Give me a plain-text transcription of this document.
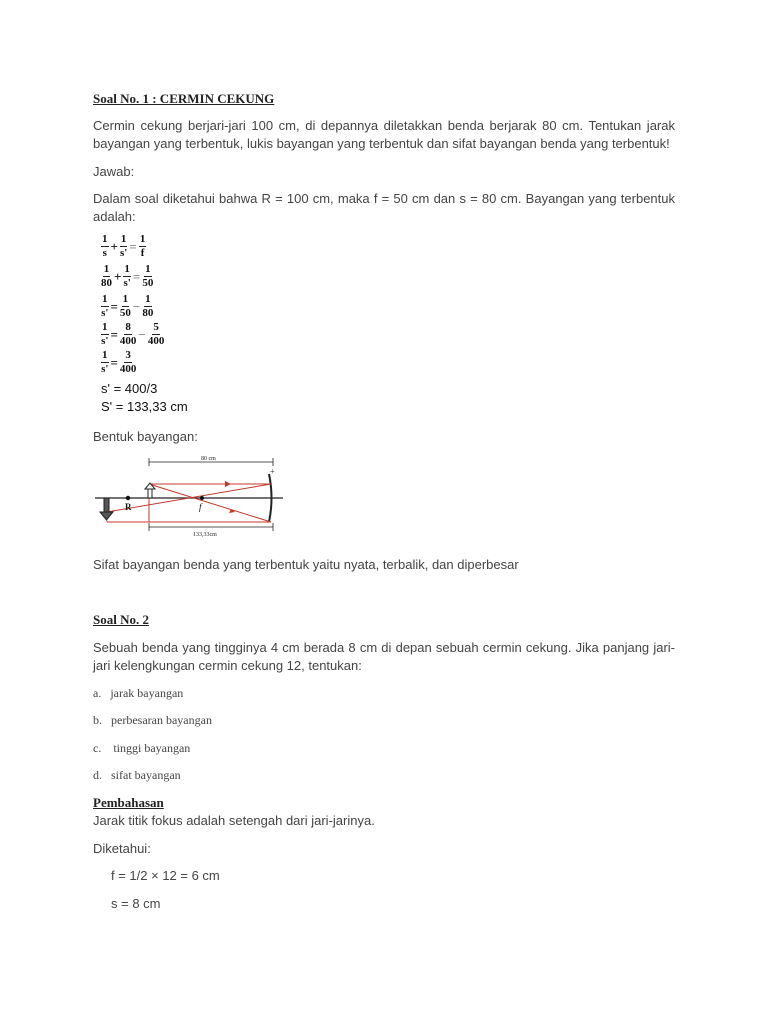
Soal No. 1 : CERMIN CEKUNG
Cermin cekung berjari-jari 100 cm, di depannya diletakkan benda berjarak 80 cm. Tentukan jarak bayangan yang terbentuk, lukis bayangan yang terbentuk dan sifat bayangan benda yang terbentuk!
Jawab:
Dalam soal diketahui bahwa R = 100 cm, maka f = 50 cm dan s = 80 cm. Bayangan yang terbentuk adalah:
$\frac{1}{s} + \frac{1}{s'} = \frac{1}{f}$
$\frac{1}{80} + \frac{1}{s'} = \frac{1}{50}$
$\frac{1}{s'} = \frac{1}{50} - \frac{1}{80}$
$\frac{1}{s'} = \frac{8}{400} - \frac{5}{400}$
$\frac{1}{s'} = \frac{3}{400}$
s' = 400/3
S' = 133,33 cm
Bentuk bayangan:
80 cm
+
133,33cm
R	f
Sifat bayangan benda yang terbentuk yaitu nyata, terbalik, dan diperbesar
Soal No. 2
Sebuah benda yang tingginya 4 cm berada 8 cm di depan sebuah cermin cekung. Jika panjang jari-jari kelengkungan cermin cekung 12, tentukan:
a. jarak bayangan
b. perbesaran bayangan
c.    tinggi bayangan
d. sifat bayangan
Pembahasan
Jarak titik fokus adalah setengah dari jari-jarinya.
Diketahui:
f = 1/2 × 12 = 6 cm
s = 8 cm
